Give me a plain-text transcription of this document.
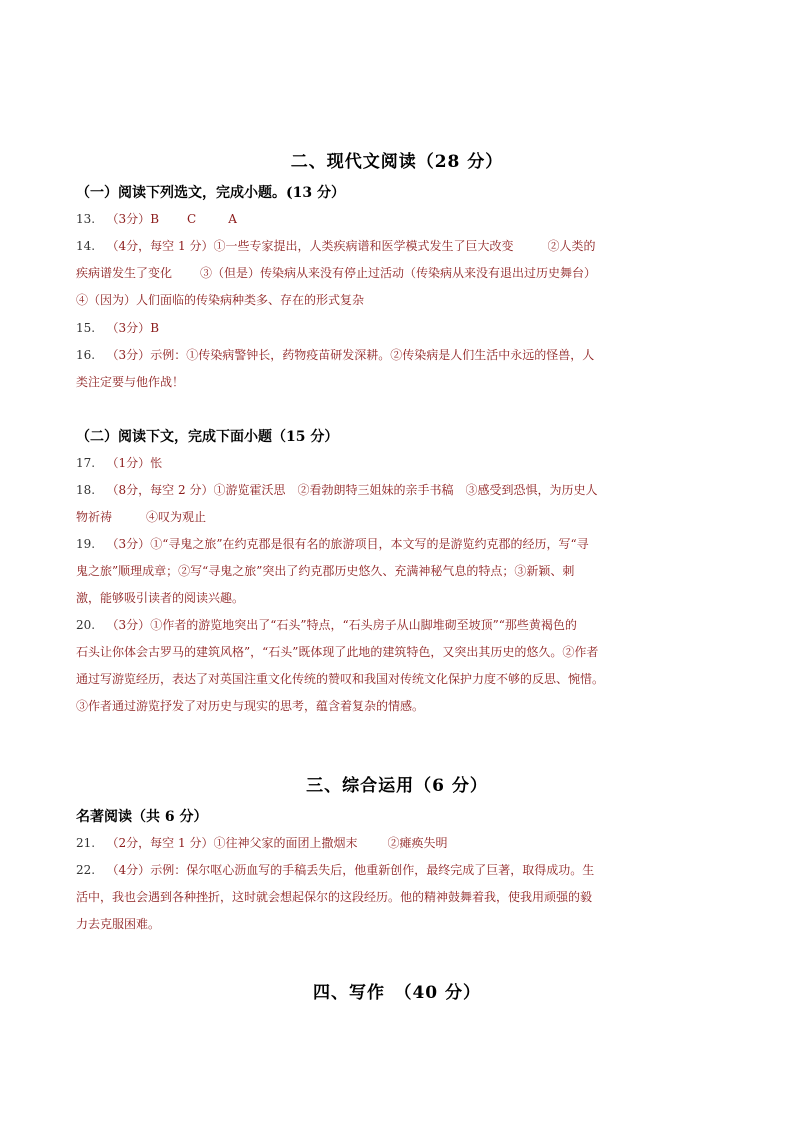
二、现代文阅读（28 分）
（一）阅读下列选文，完成小题。(13 分）
13. （3分）B C	A
14. （4分，每空 1 分）①一些专家提出，人类疾病谱和医学模式发生了巨大改变	②人类的
疾病谱发生了变化 ③（但是）传染病从来没有停止过活动（传染病从来没有退出过历史舞台）
④（因为）人们面临的传染病种类多、存在的形式复杂
15. （3分）B
16. （3分）示例：①传染病警钟长，药物疫苗研发深耕。②传染病是人们生活中永远的怪兽，人
类注定要与他作战！
（二）阅读下文，完成下面小题（15 分）
17. （1分）怅
18. （8分，每空 2 分）①游览霍沃思　②看勃朗特三姐妹的亲手书稿　③感受到恐惧，为历史人
物祈祷	④叹为观止
19. （3分）①“寻鬼之旅”在约克郡是很有名的旅游项目，本文写的是游览约克郡的经历，写“寻
鬼之旅”顺理成章；②写“寻鬼之旅”突出了约克郡历史悠久、充满神秘气息的特点；③新颖、刺
激，能够吸引读者的阅读兴趣。
20. （3分）①作者的游览地突出了“石头”特点，“石头房子从山脚堆砌至坡顶”“那些黄褐色的
石头让你体会古罗马的建筑风格”，“石头”既体现了此地的建筑特色，又突出其历史的悠久。②作者
通过写游览经历，表达了对英国注重文化传统的赞叹和我国对传统文化保护力度不够的反思、惋惜。
③作者通过游览抒发了对历史与现实的思考，蕴含着复杂的情感。
三、综合运用（6 分）
名著阅读（共 6 分）
21. （2分，每空 1 分）①往神父家的面团上撒烟末	②瘫痪失明
22. （4分）示例：保尔呕心沥血写的手稿丢失后，他重新创作，最终完成了巨著，取得成功。生
活中，我也会遇到各种挫折，这时就会想起保尔的这段经历。他的精神鼓舞着我，使我用顽强的毅
力去克服困难。
四、写作　（40 分）
